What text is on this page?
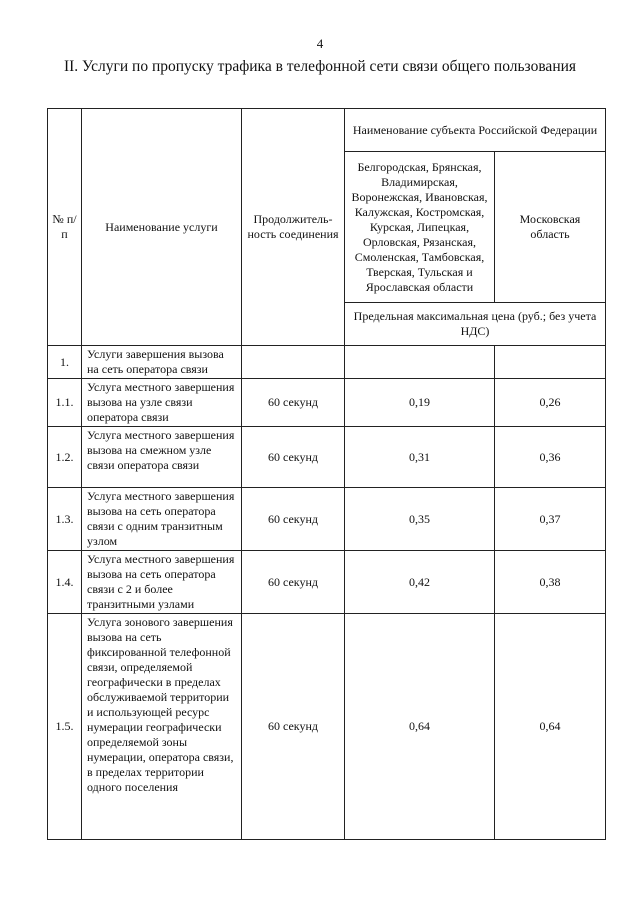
4
II. Услуги по пропуску трафика в телефонной сети связи общего пользования
№ п/п	Наименование услуги	Продолжитель-ность соединения	Наименование субъекта Российской Федерации	
			Белгородская, Брянская, Владимирская, Воронежская, Ивановская, Калужская, Костромская, Курская, Липецкая, Орловская, Рязанская, Смоленская, Тамбовская, Тверская, Тульская и Ярославская области	Московская область
			Предельная максимальная цена (руб.; без учета НДС)	
1.	Услуги завершения вызова на сеть оператора связи			
1.1.	Услуга местного завершения вызова на узле связи оператора связи	60 секунд	0,19	0,26
1.2.	Услуга местного завершения вызова на смежном узле связи оператора связи	60 секунд	0,31	0,36
1.3.	Услуга местного завершения вызова на сеть оператора связи с одним транзитным узлом	60 секунд	0,35	0,37
1.4.	Услуга местного завершения вызова на сеть оператора связи с 2 и более транзитными узлами	60 секунд	0,42	0,38
1.5.	Услуга зонового завершения вызова на сеть фиксированной телефонной связи, определяемой географически в пределах обслуживаемой территории и использующей ресурс нумерации географически определяемой зоны нумерации, оператора связи, в пределах территории одного поселения	60 секунд	0,64	0,64
